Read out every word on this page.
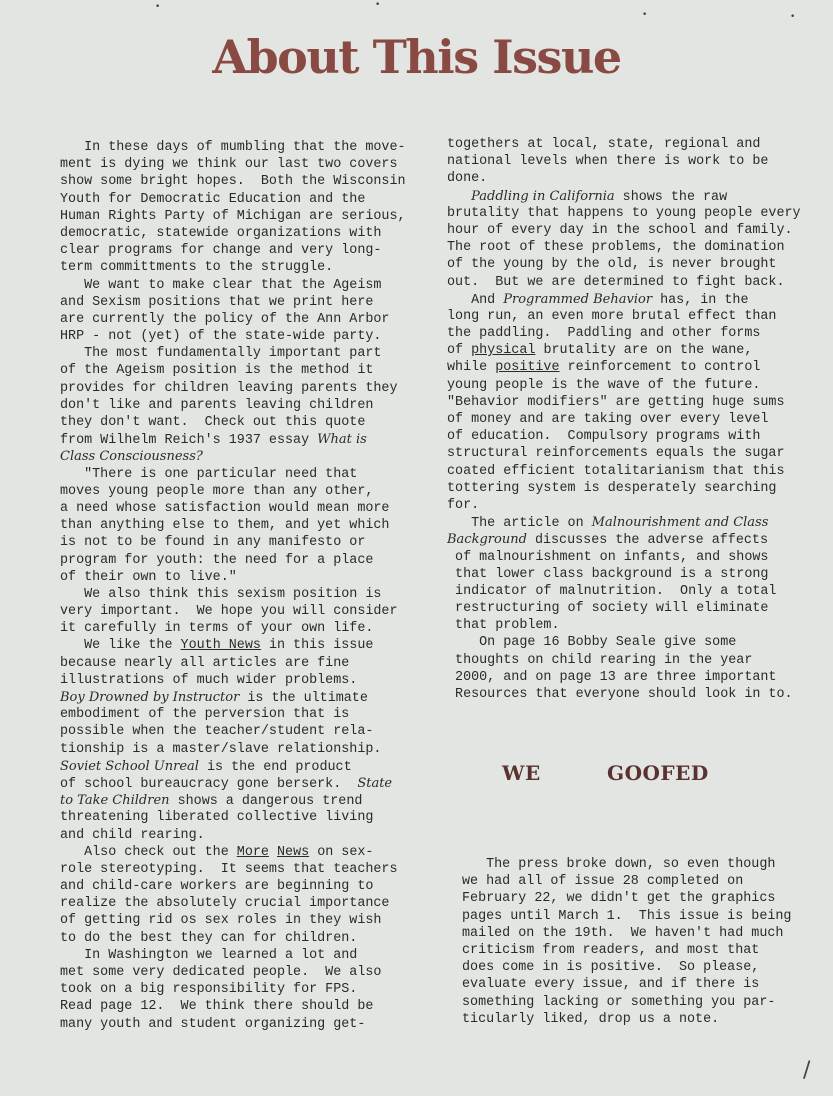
About This Issue
In these days of mumbling that the move-
ment is dying we think our last two covers
show some bright hopes.  Both the Wisconsin
Youth for Democratic Education and the
Human Rights Party of Michigan are serious,
democratic, statewide organizations with
clear programs for change and very long-
term committments to the struggle.
We want to make clear that the Ageism
and Sexism positions that we print here
are currently the policy of the Ann Arbor
HRP - not (yet) of the state-wide party.
The most fundamentally important part
of the Ageism position is the method it
provides for children leaving parents they
don't like and parents leaving children
they don't want.  Check out this quote
from Wilhelm Reich's 1937 essay What is
Class Consciousness?
"There is one particular need that
moves young people more than any other,
a need whose satisfaction would mean more
than anything else to them, and yet which
is not to be found in any manifesto or
program for youth: the need for a place
of their own to live."
We also think this sexism position is
very important.  We hope you will consider
it carefully in terms of your own life.
We like the Youth News in this issue
because nearly all articles are fine
illustrations of much wider problems.
Boy Drowned by Instructor is the ultimate
embodiment of the perversion that is
possible when the teacher/student rela-
tionship is a master/slave relationship.
Soviet School Unreal is the end product
of school bureaucracy gone berserk.  State
to Take Children shows a dangerous trend
threatening liberated collective living
and child rearing.
Also check out the More News on sex-
role stereotyping.  It seems that teachers
and child-care workers are beginning to
realize the absolutely crucial importance
of getting rid os sex roles in they wish
to do the best they can for children.
In Washington we learned a lot and
met some very dedicated people.  We also
took on a big responsibility for FPS.
Read page 12.  We think there should be
many youth and student organizing get-
togethers at local, state, regional and
national levels when there is work to be
done.
Paddling in California shows the raw
brutality that happens to young people every
hour of every day in the school and family.
The root of these problems, the domination
of the young by the old, is never brought
out.  But we are determined to fight back.
And Programmed Behavior has, in the
long run, an even more brutal effect than
the paddling.  Paddling and other forms
of physical brutality are on the wane,
while positive reinforcement to control
young people is the wave of the future.
"Behavior modifiers" are getting huge sums
of money and are taking over every level
of education.  Compulsory programs with
structural reinforcements equals the sugar
coated efficient totalitarianism that this
tottering system is desperately searching
for.
The article on Malnourishment and Class
Background discusses the adverse affects
of malnourishment on infants, and shows
that lower class background is a strong
indicator of malnutrition.  Only a total
restructuring of society will eliminate
that problem.
On page 16 Bobby Seale give some
thoughts on child rearing in the year
2000, and on page 13 are three important
Resources that everyone should look in to.
WE	GOOFED
The press broke down, so even though
we had all of issue 28 completed on
February 22, we didn't get the graphics
pages until March 1.  This issue is being
mailed on the 19th.  We haven't had much
criticism from readers, and most that
does come in is positive.  So please,
evaluate every issue, and if there is
something lacking or something you par-
ticularly liked, drop us a note.
•	•
•	•
/
